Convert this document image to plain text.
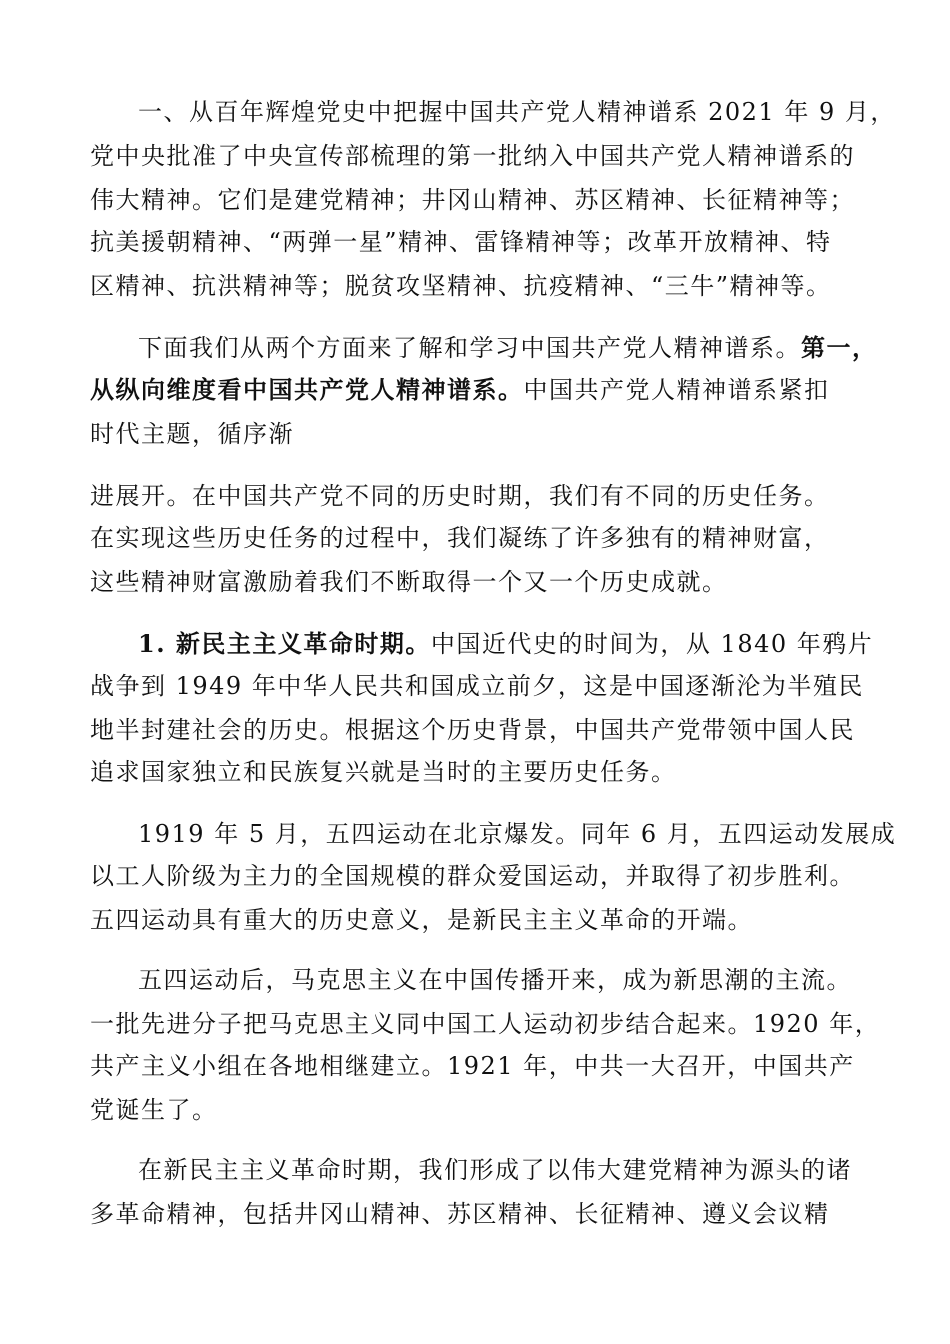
一、从百年辉煌党史中把握中国共产党人精神谱系 2021 年 9 月，
党中央批准了中央宣传部梳理的第一批纳入中国共产党人精神谱系的
伟大精神。它们是建党精神；井冈山精神、苏区精神、长征精神等；
抗美援朝精神、“两弹一星”精神、雷锋精神等；改革开放精神、特
区精神、抗洪精神等；脱贫攻坚精神、抗疫精神、“三牛”精神等。
下面我们从两个方面来了解和学习中国共产党人精神谱系。第一，
从纵向维度看中国共产党人精神谱系。中国共产党人精神谱系紧扣
时代主题，循序渐
进展开。在中国共产党不同的历史时期，我们有不同的历史任务。
在实现这些历史任务的过程中，我们凝练了许多独有的精神财富，
这些精神财富激励着我们不断取得一个又一个历史成就。
1. 新民主主义革命时期。中国近代史的时间为，从 1840 年鸦片
战争到 1949 年中华人民共和国成立前夕，这是中国逐渐沦为半殖民
地半封建社会的历史。根据这个历史背景，中国共产党带领中国人民
追求国家独立和民族复兴就是当时的主要历史任务。
1919 年 5 月，五四运动在北京爆发。同年 6 月，五四运动发展成
以工人阶级为主力的全国规模的群众爱国运动，并取得了初步胜利。
五四运动具有重大的历史意义，是新民主主义革命的开端。
五四运动后，马克思主义在中国传播开来，成为新思潮的主流。
一批先进分子把马克思主义同中国工人运动初步结合起来。1920 年，
共产主义小组在各地相继建立。1921 年，中共一大召开，中国共产
党诞生了。
在新民主主义革命时期，我们形成了以伟大建党精神为源头的诸
多革命精神，包括井冈山精神、苏区精神、长征精神、遵义会议精
